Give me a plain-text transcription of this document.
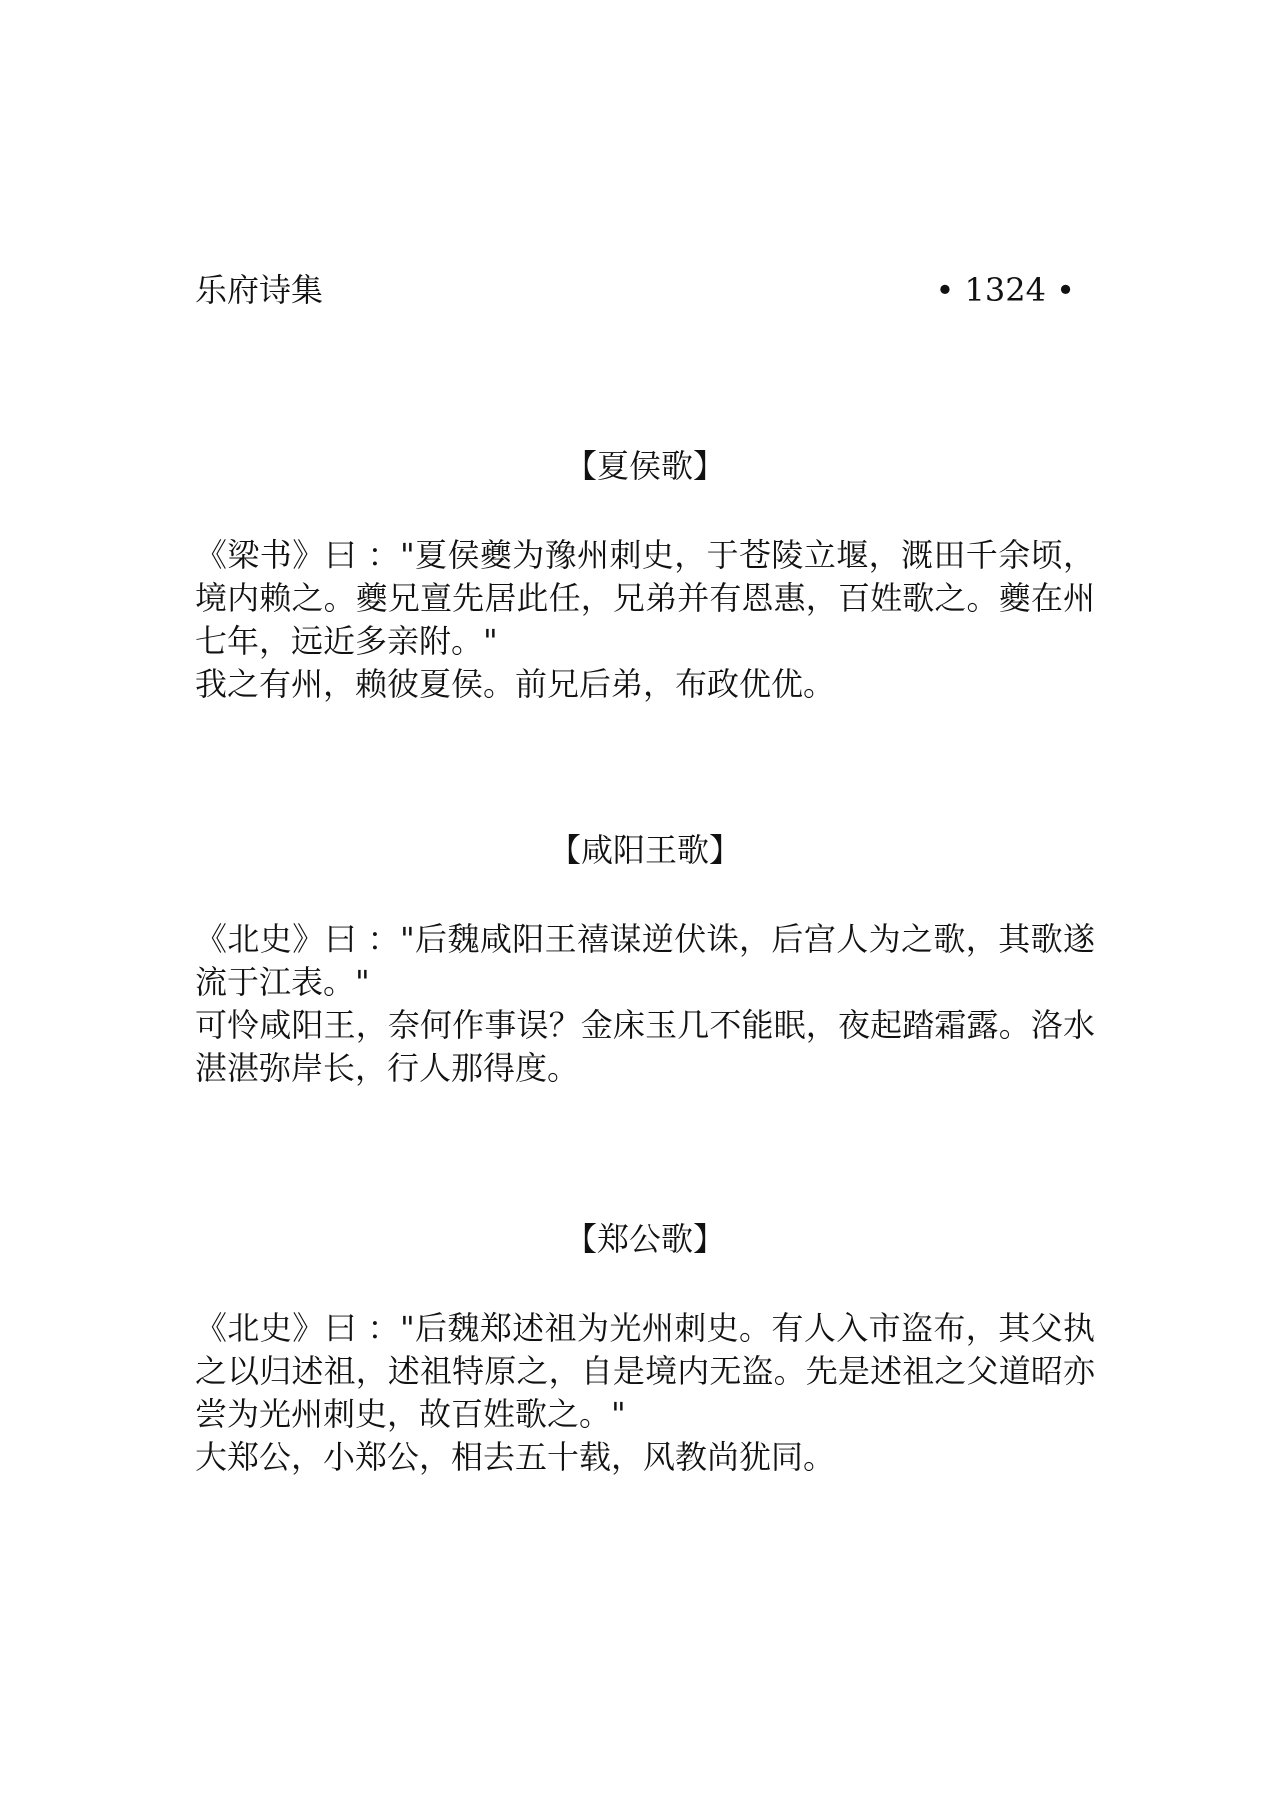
乐府诗集	• 1324 •
【夏侯歌】

《梁书》曰 ："夏侯夔为豫州刺史，于苍陵立堰，溉田千余顷，境内赖之。夔兄亶先居此任，兄弟并有恩惠，百姓歌之。夔在州七年，远近多亲附。"

我之有州，赖彼夏侯。前兄后弟，布政优优。

【咸阳王歌】

《北史》曰 ："后魏咸阳王禧谋逆伏诛，后宫人为之歌，其歌遂流于江表。"

可怜咸阳王，奈何作事误？金床玉几不能眠，夜起踏霜露。洛水湛湛弥岸长，行人那得度。

【郑公歌】

《北史》曰 ："后魏郑述祖为光州刺史。有人入市盗布，其父执之以归述祖，述祖特原之，自是境内无盗。先是述祖之父道昭亦尝为光州刺史，故百姓歌之。"

大郑公，小郑公，相去五十载，风教尚犹同。
